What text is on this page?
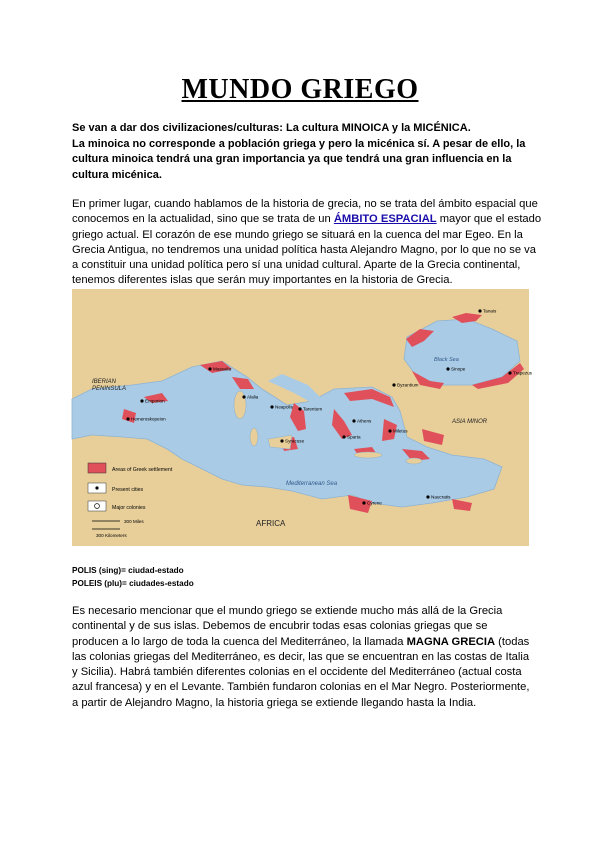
MUNDO GRIEGO
Se van a dar dos civilizaciones/culturas: La cultura MINOICA y la MICÉNICA.
La minoica no corresponde a población griega y pero la micénica sí. A pesar de ello, la cultura minoica tendrá una gran importancia ya que tendrá una gran influencia en la cultura micénica.
En primer lugar, cuando hablamos de la historia de grecia, no se trata del ámbito espacial que conocemos en la actualidad, sino que se trata de un ÁMBITO ESPACIAL mayor que el estado griego actual. El corazón de ese mundo griego se situará en la cuenca del mar Egeo. En la Grecia Antigua, no tendremos una unidad política hasta Alejandro Magno, por lo que no se va a constituir una unidad política pero sí una unidad cultural. Aparte de la Grecia continental, tenemos diferentes islas que serán muy importantes en la historia de Grecia.
Areas of Greek settlement
Present cities
Major colonies
300 Miles
300 Kilometers
IBERIAN
PENINSULA
AFRICA
ASIA MINOR
Black Sea
Mediterranean Sea
Emporion
Massalia
Hemeroskopeion
Alalia
Neapolis
Syracuse
Tarentum
Athens
Sparta
Miletus
Byzantium
Cyrene
Tanais
Sinope
Trapezus
Naucratis
POLIS (sing)= ciudad-estado
POLEIS (plu)= ciudades-estado
Es necesario mencionar que el mundo griego se extiende mucho más allá de la Grecia continental y de sus islas. Debemos de encubrir todas esas colonias griegas que se producen a lo largo de toda la cuenca del Mediterráneo, la llamada MAGNA GRECIA (todas las colonias griegas del Mediterráneo, es decir, las que se encuentran en las costas de Italia y Sicilia). Habrá también diferentes colonias en el occidente del Mediterráneo (actual costa azul francesa) y en el Levante. También fundaron colonias en el Mar Negro. Posteriormente, a partir de Alejandro Magno, la historia griega se extiende llegando hasta la India.
